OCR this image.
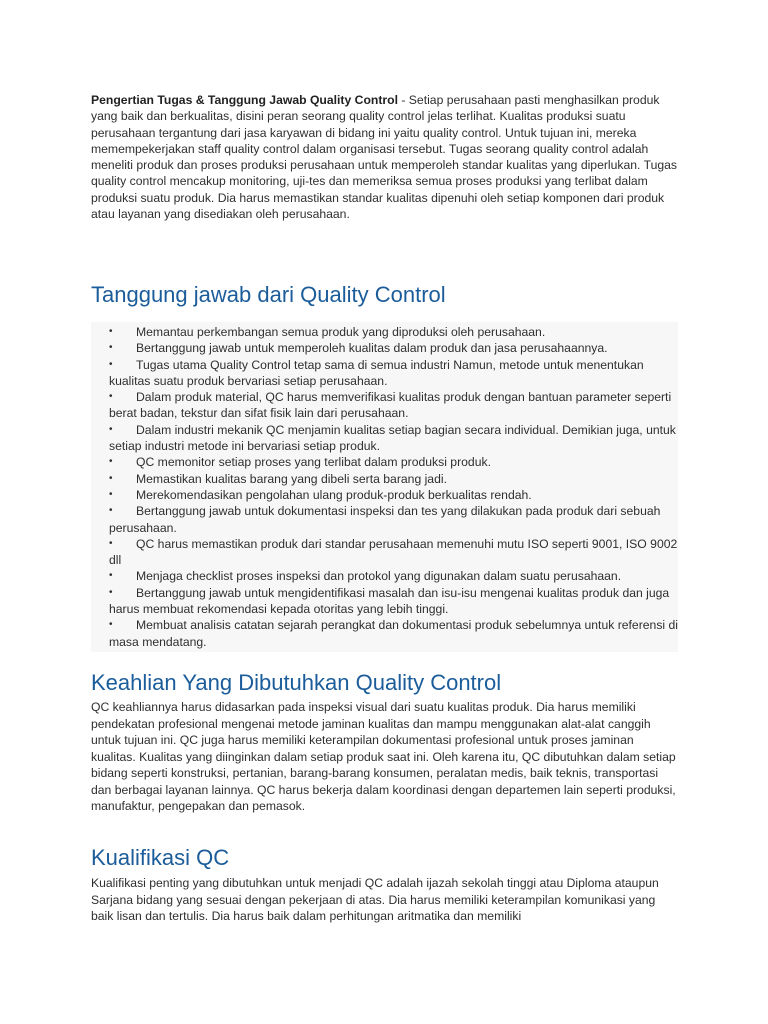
Pengertian Tugas & Tanggung Jawab Quality Control - Setiap perusahaan pasti menghasilkan produk yang baik dan berkualitas, disini peran seorang quality control jelas terlihat. Kualitas produksi suatu perusahaan tergantung dari jasa karyawan di bidang ini yaitu quality control. Untuk tujuan ini, mereka memempekerjakan staff quality control dalam organisasi tersebut. Tugas seorang quality control adalah meneliti produk dan proses produksi perusahaan untuk memperoleh standar kualitas yang diperlukan. Tugas quality control mencakup monitoring, uji-tes dan memeriksa semua proses produksi yang terlibat dalam produksi suatu produk. Dia harus memastikan standar kualitas dipenuhi oleh setiap komponen dari produk atau layanan yang disediakan oleh perusahaan.

Tanggung jawab dari Quality Control
• Memantau perkembangan semua produk yang diproduksi oleh perusahaan.
• Bertanggung jawab untuk memperoleh kualitas dalam produk dan jasa perusahaannya.
• Tugas utama Quality Control tetap sama di semua industri Namun, metode untuk menentukan kualitas suatu produk bervariasi setiap perusahaan.
• Dalam produk material, QC harus memverifikasi kualitas produk dengan bantuan parameter seperti berat badan, tekstur dan sifat fisik lain dari perusahaan.
• Dalam industri mekanik QC menjamin kualitas setiap bagian secara individual. Demikian juga, untuk setiap industri metode ini bervariasi setiap produk.
• QC memonitor setiap proses yang terlibat dalam produksi produk.
• Memastikan kualitas barang yang dibeli serta barang jadi.
• Merekomendasikan pengolahan ulang produk-produk berkualitas rendah.
• Bertanggung jawab untuk dokumentasi inspeksi dan tes yang dilakukan pada produk dari sebuah perusahaan.
• QC harus memastikan produk dari standar perusahaan memenuhi mutu ISO seperti 9001, ISO 9002 dll
• Menjaga checklist proses inspeksi dan protokol yang digunakan dalam suatu perusahaan.
• Bertanggung jawab untuk mengidentifikasi masalah dan isu-isu mengenai kualitas produk dan juga harus membuat rekomendasi kepada otoritas yang lebih tinggi.
• Membuat analisis catatan sejarah perangkat dan dokumentasi produk sebelumnya untuk referensi di masa mendatang.
Keahlian Yang Dibutuhkan Quality Control

QC keahliannya harus didasarkan pada inspeksi visual dari suatu kualitas produk. Dia harus memiliki pendekatan profesional mengenai metode jaminan kualitas dan mampu menggunakan alat-alat canggih untuk tujuan ini. QC juga harus memiliki keterampilan dokumentasi profesional untuk proses jaminan kualitas. Kualitas yang diinginkan dalam setiap produk saat ini. Oleh karena itu, QC dibutuhkan dalam setiap bidang seperti konstruksi, pertanian, barang-barang konsumen, peralatan medis, baik teknis, transportasi dan berbagai layanan lainnya. QC harus bekerja dalam koordinasi dengan departemen lain seperti produksi, manufaktur, pengepakan dan pemasok.

Kualifikasi QC

Kualifikasi penting yang dibutuhkan untuk menjadi QC adalah ijazah sekolah tinggi atau Diploma ataupun Sarjana bidang yang sesuai dengan pekerjaan di atas. Dia harus memiliki keterampilan komunikasi yang baik lisan dan tertulis. Dia harus baik dalam perhitungan aritmatika dan memiliki
